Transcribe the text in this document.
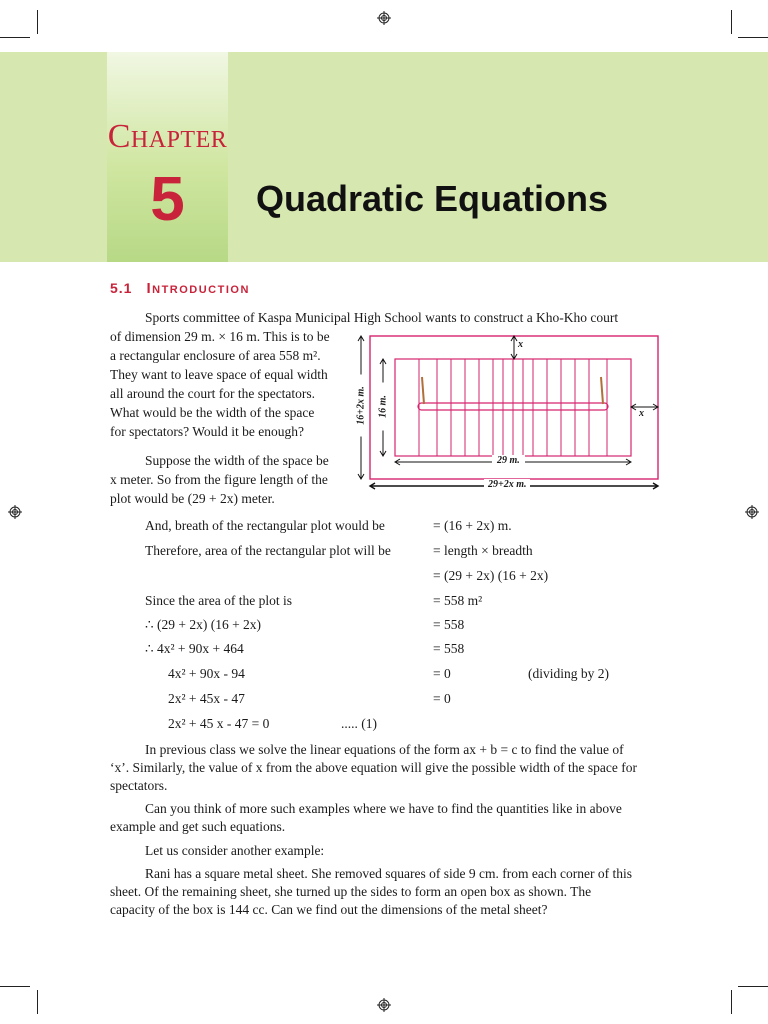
Chapter
5	Quadratic Equations
5.1 Introduction
Sports committee of Kaspa Municipal High School wants to construct a Kho-Kho court
of dimension 29 m. × 16 m. This is to be
a rectangular enclosure of area 558 m².
They want to leave space of equal width
all around the court for the spectators.
What would be the width of the space
for spectators? Would it be enough?
Suppose the width of the space be
x meter. So from the figure length of the
plot would be (29 + 2x) meter.
x
x
16 m.
16+2x m.
29 m.
29+2x m.
And, breath of the rectangular plot would be	= (16 + 2x) m.
Therefore, area of the rectangular plot will be	= length × breadth
= (29 + 2x) (16 + 2x)
Since the area of the plot is	= 558 m²
∴ (29 + 2x) (16 + 2x)	= 558
∴ 4x² + 90x + 464	= 558
4x² + 90x - 94	= 0	(dividing by 2)
2x² + 45x - 47	= 0
2x² + 45 x - 47 = 0	..... (1)
In previous class we solve the linear equations of the form ax + b = c to find the value of
‘x’. Similarly, the value of x from the above equation will give the possible width of the space for
spectators.
Can you think of more such examples where we have to find the quantities like in above
example and get such equations.
Let us consider another example:
Rani has a square metal sheet. She removed squares of side 9 cm. from each corner of this
sheet. Of the remaining sheet, she turned up the sides to form an open box as shown. The
capacity of the box is 144 cc. Can we find out the dimensions of the metal sheet?
